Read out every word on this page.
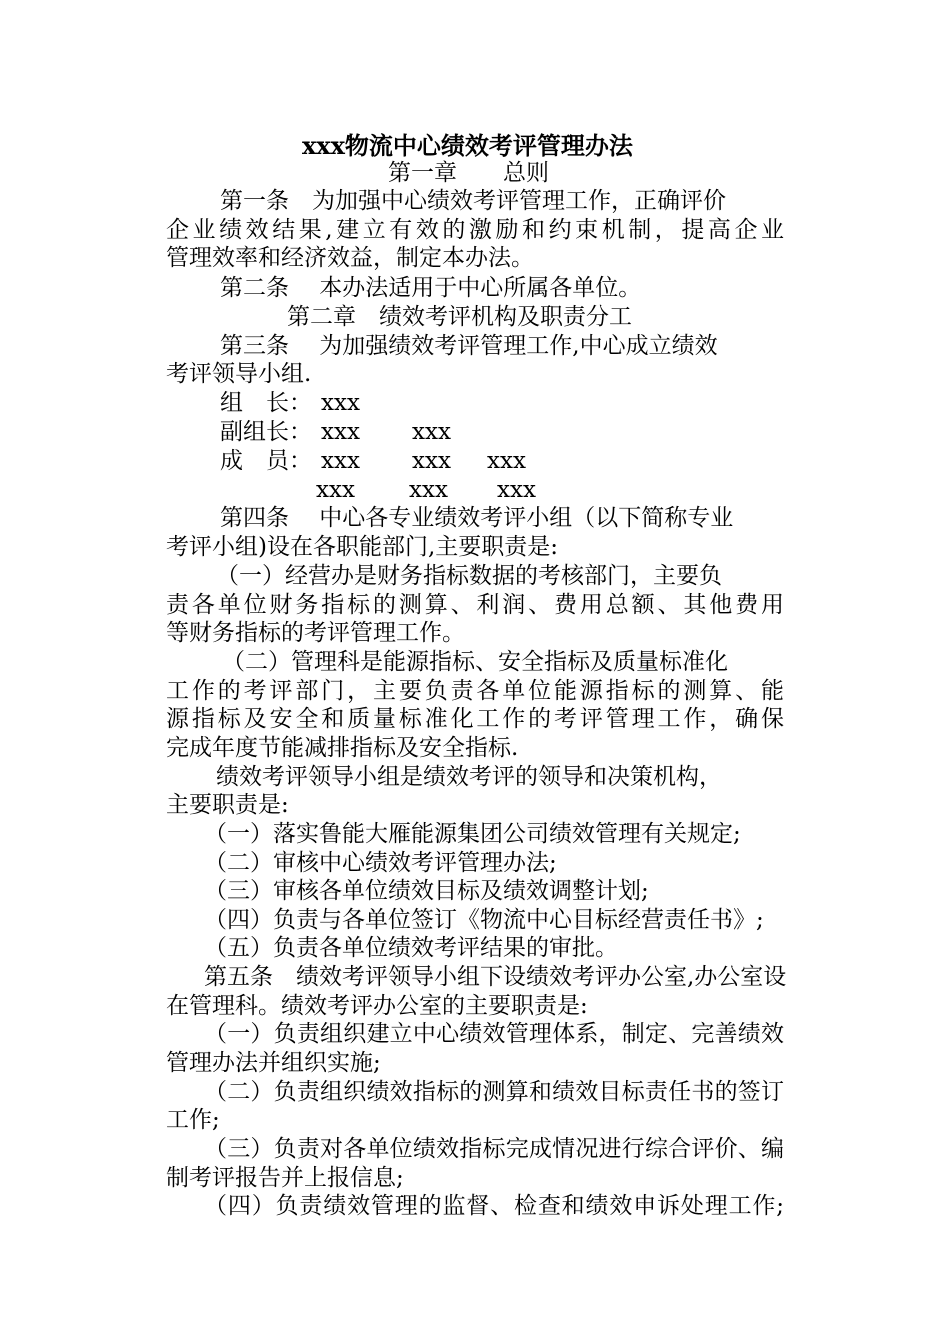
xxx物流中心绩效考评管理办法
第一章　　总则
第一条　为加强中心绩效考评管理工作，正确评价
企业绩效结果,建立有效的激励和约束机制，提高企业
管理效率和经济效益，制定本办法。
第二条　 本办法适用于中心所属各单位。
第二章　绩效考评机构及职责分工
第三条　 为加强绩效考评管理工作,中心成立绩效
考评领导小组.
组　长： xxx
副组长： xxx xxx
成　员： xxx xxx xxx
xxx xxx xxx
第四条　 中心各专业绩效考评小组（以下简称专业
考评小组)设在各职能部门,主要职责是:
（一）经营办是财务指标数据的考核部门，主要负
责各单位财务指标的测算、利润、费用总额、其他费用
等财务指标的考评管理工作。
（二）管理科是能源指标、安全指标及质量标准化
工作的考评部门，主要负责各单位能源指标的测算、能
源指标及安全和质量标准化工作的考评管理工作，确保
完成年度节能减排指标及安全指标.
绩效考评领导小组是绩效考评的领导和决策机构，
主要职责是:
（一）落实鲁能大雁能源集团公司绩效管理有关规定;
（二）审核中心绩效考评管理办法;
（三）审核各单位绩效目标及绩效调整计划;
（四）负责与各单位签订《物流中心目标经营责任书》;
（五）负责各单位绩效考评结果的审批。
第五条　绩效考评领导小组下设绩效考评办公室,办公室设
在管理科。绩效考评办公室的主要职责是:
（一）负责组织建立中心绩效管理体系，制定、完善绩效
管理办法并组织实施;
（二）负责组织绩效指标的测算和绩效目标责任书的签订
工作;
（三）负责对各单位绩效指标完成情况进行综合评价、编
制考评报告并上报信息;
（四）负责绩效管理的监督、检查和绩效申诉处理工作;
